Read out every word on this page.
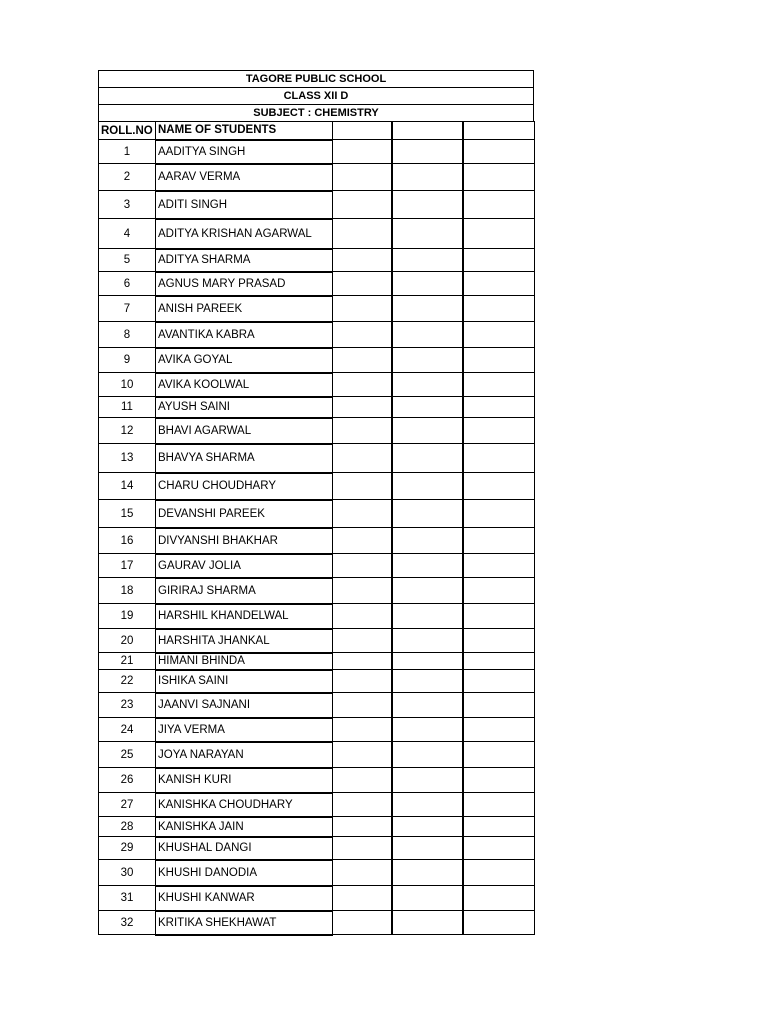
TAGORE PUBLIC SCHOOL
CLASS XII D
SUBJECT : CHEMISTRY
ROLL.NO	NAME OF STUDENTS			
1	AADITYA SINGH			
2	AARAV VERMA			
3	ADITI SINGH			
4	ADITYA KRISHAN AGARWAL			
5	ADITYA SHARMA			
6	AGNUS MARY PRASAD			
7	ANISH PAREEK			
8	AVANTIKA KABRA			
9	AVIKA GOYAL			
10	AVIKA KOOLWAL			
11	AYUSH SAINI			
12	BHAVI AGARWAL			
13	BHAVYA SHARMA			
14	CHARU CHOUDHARY			
15	DEVANSHI PAREEK			
16	DIVYANSHI BHAKHAR			
17	GAURAV JOLIA			
18	GIRIRAJ SHARMA			
19	HARSHIL KHANDELWAL			
20	HARSHITA JHANKAL			
21	HIMANI BHINDA			
22	ISHIKA SAINI			
23	JAANVI SAJNANI			
24	JIYA VERMA			
25	JOYA NARAYAN			
26	KANISH KURI			
27	KANISHKA CHOUDHARY			
28	KANISHKA JAIN			
29	KHUSHAL DANGI			
30	KHUSHI DANODIA			
31	KHUSHI KANWAR			
32	KRITIKA SHEKHAWAT			
